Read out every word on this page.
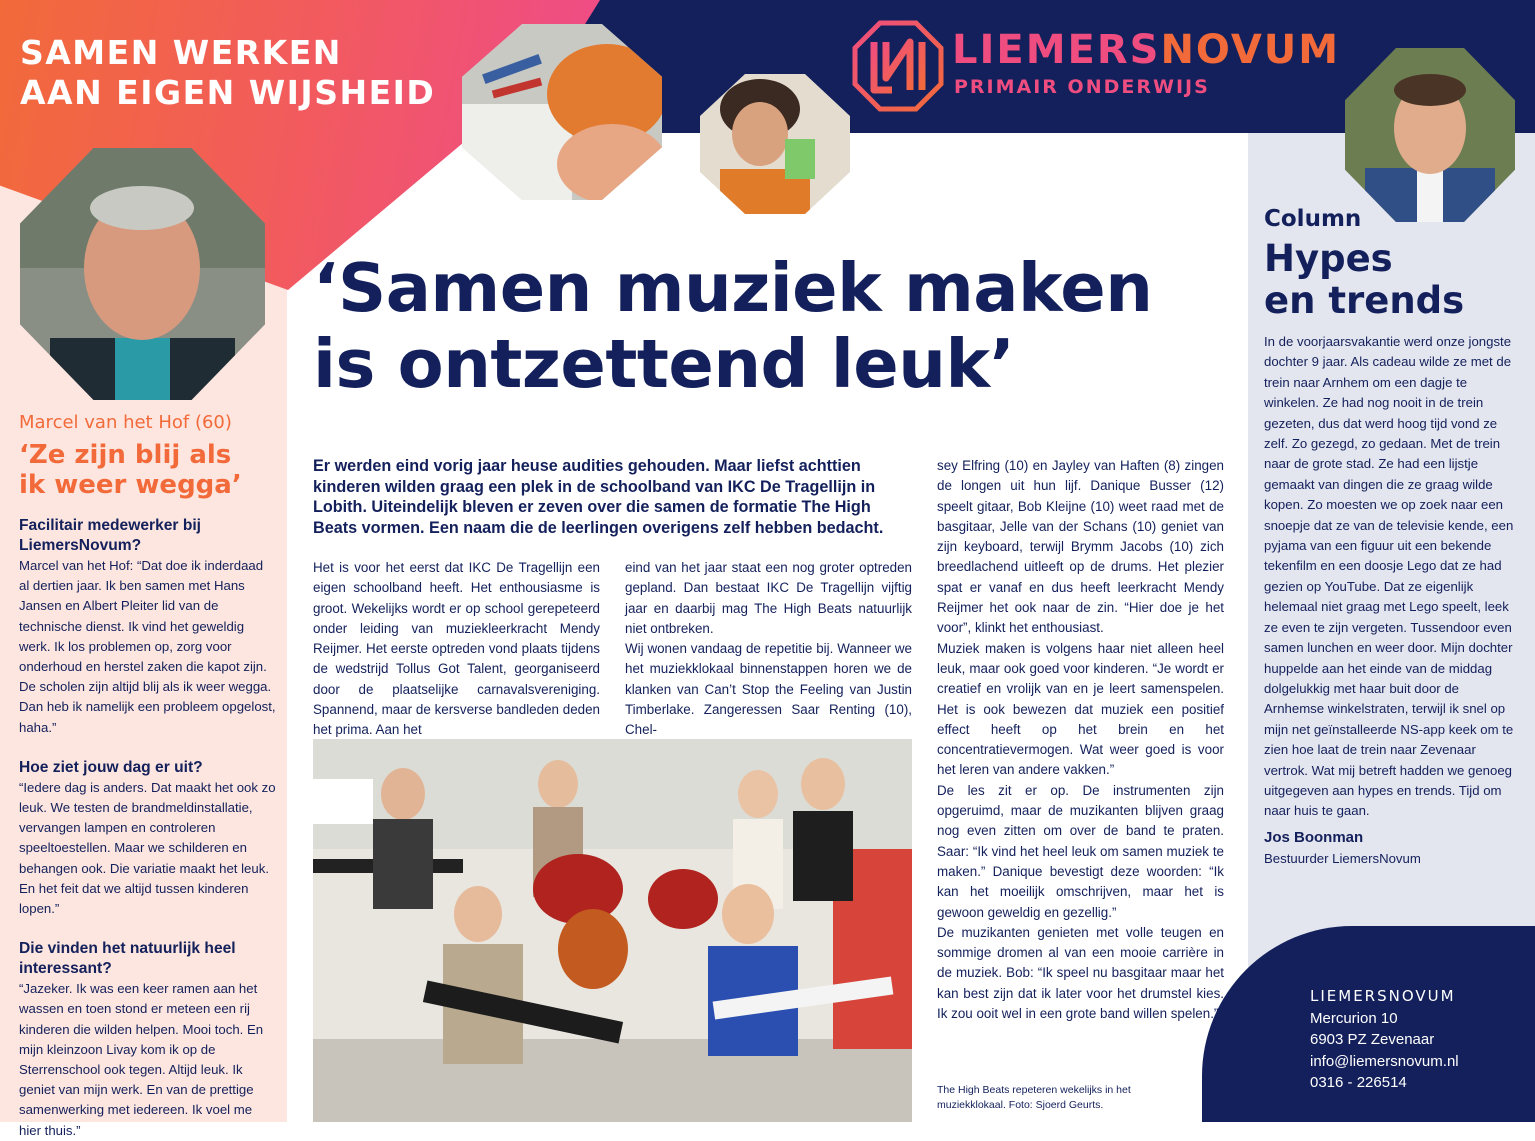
SAMEN WERKEN
AAN EIGEN WIJSHEID
LIEMERSNOVUM
PRIMAIR ONDERWIJS
‘Samen muziek maken
is ontzettend leuk’
Er werden eind vorig jaar heuse audities gehouden. Maar liefst achttien kinderen wilden graag een plek in de schoolband van IKC De Tragellijn in Lobith. Uiteindelijk bleven er zeven over die samen de formatie The High Beats vormen. Een naam die de leerlingen overigens zelf hebben bedacht.

Het is voor het eerst dat IKC De Tragellijn een eigen schoolband heeft. Het enthousiasme is groot. Wekelijks wordt er op school gerepeteerd onder leiding van muziekleerkracht Mendy Reijmer. Het eerste optreden vond plaats tijdens de wedstrijd Tollus Got Talent, georganiseerd door de plaatselijke carnavalsvereniging. Spannend, maar de kersverse bandleden deden het prima. Aan het

eind van het jaar staat een nog groter optreden gepland. Dan bestaat IKC De Tragellijn vijftig jaar en daarbij mag The High Beats natuurlijk niet ontbreken.

Wij wonen vandaag de repetitie bij. Wanneer we het muziekklokaal binnenstappen horen we de klanken van Can’t Stop the Feeling van Justin Timberlake. Zangeressen Saar Renting (10), Chel-

sey Elfring (10) en Jayley van Haften (8) zingen de longen uit hun lijf. Danique Busser (12) speelt gitaar, Bob Kleijne (10) weet raad met de basgitaar, Jelle van der Schans (10) geniet van zijn keyboard, terwijl Brymm Jacobs (10) zich breedlachend uitleeft op de drums. Het plezier spat er vanaf en dus heeft leerkracht Mendy Reijmer het ook naar de zin. “Hier doe je het voor”, klinkt het enthousiast.

Muziek maken is volgens haar niet alleen heel leuk, maar ook goed voor kinderen. “Je wordt er creatief en vrolijk van en je leert samenspelen. Het is ook bewezen dat muziek een positief effect heeft op het brein en het concentratievermogen. Wat weer goed is voor het leren van andere vakken.”

De les zit er op. De instrumenten zijn opgeruimd, maar de muzikanten blijven graag nog even zitten om over de band te praten. Saar: “Ik vind het heel leuk om samen muziek te maken.” Danique bevestigt deze woorden: “Ik kan het moeilijk omschrijven, maar het is gewoon geweldig en gezellig.”

De muzikanten genieten met volle teugen en sommige dromen al van een mooie carrière in de muziek. Bob: “Ik speel nu basgitaar maar het kan best zijn dat ik later voor het drumstel kies. Ik zou ooit wel in een grote band willen spelen.”

The High Beats repeteren wekelijks in het muziekklokaal. Foto: Sjoerd Geurts.
Marcel van het Hof (60)
‘Ze zijn blij als
ik weer wegga’
Facilitair medewerker bij LiemersNovum?

Marcel van het Hof: “Dat doe ik inderdaad al dertien jaar. Ik ben samen met Hans Jansen en Albert Pleiter lid van de technische dienst. Ik vind het geweldig werk. Ik los problemen op, zorg voor onderhoud en herstel zaken die kapot zijn. De scholen zijn altijd blij als ik weer wegga. Dan heb ik namelijk een probleem opgelost, haha.”

Hoe ziet jouw dag er uit?

“Iedere dag is anders. Dat maakt het ook zo leuk. We testen de brandmeldinstallatie, vervangen lampen en controleren speeltoestellen. Maar we schilderen en behangen ook. Die variatie maakt het leuk. En het feit dat we altijd tussen kinderen lopen.”

Die vinden het natuurlijk heel interessant?

“Jazeker. Ik was een keer ramen aan het wassen en toen stond er meteen een rij kinderen die wilden helpen. Mooi toch. En mijn kleinzoon Livay kom ik op de Sterrenschool ook tegen. Altijd leuk. Ik geniet van mijn werk. En van de prettige samenwerking met iedereen. Ik voel me hier thuis.”

Column
Hypes
en trends
In de voorjaarsvakantie werd onze jongste dochter 9 jaar. Als cadeau wilde ze met de trein naar Arnhem om een dagje te winkelen. Ze had nog nooit in de trein gezeten, dus dat werd hoog tijd vond ze zelf. Zo gezegd, zo gedaan. Met de trein naar de grote stad. Ze had een lijstje gemaakt van dingen die ze graag wilde kopen. Zo moesten we op zoek naar een snoepje dat ze van de televisie kende, een pyjama van een figuur uit een bekende tekenfilm en een doosje Lego dat ze had gezien op YouTube. Dat ze eigenlijk helemaal niet graag met Lego speelt, leek ze even te zijn vergeten. Tussendoor even samen lunchen en weer door. Mijn dochter huppelde aan het einde van de middag dolgelukkig met haar buit door de Arnhemse winkelstraten, terwijl ik snel op mijn net geïnstalleerde NS-app keek om te zien hoe laat de trein naar Zevenaar vertrok. Wat mij betreft hadden we genoeg uitgegeven aan hypes en trends. Tijd om naar huis te gaan.
Jos Boonman
Bestuurder LiemersNovum
LIEMERSNOVUM
Mercurion 10
6903 PZ Zevenaar
info@liemersnovum.nl
0316 - 226514
